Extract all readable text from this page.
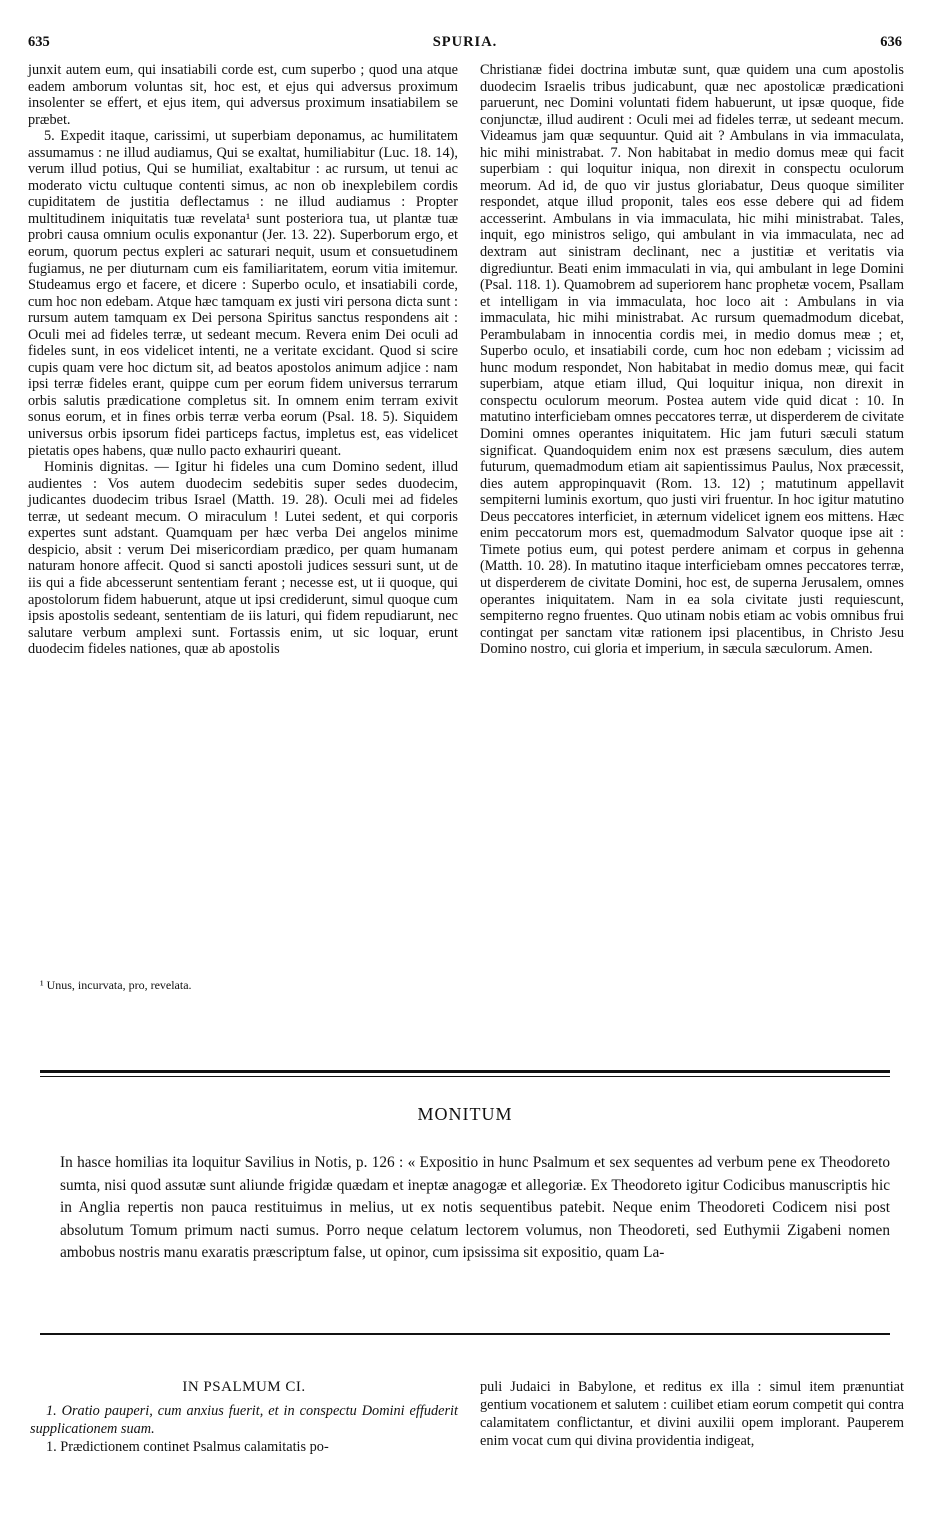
635	SPURIA.	636

junxit autem eum, qui insatiabili corde est, cum superbo ; quod una atque eadem amborum voluntas sit, hoc est, et ejus qui adversus proximum insolenter se effert, et ejus item, qui adversus proximum insatiabilem se præbet.

5. Expedit itaque, carissimi, ut superbiam deponamus, ac humilitatem assumamus : ne illud audiamus, Qui se exaltat, humiliabitur (Luc. 18. 14), verum illud potius, Qui se humiliat, exaltabitur : ac rursum, ut tenui ac moderato victu cultuque contenti simus, ac non ob inexplebilem cordis cupiditatem de justitia deflectamus : ne illud audiamus : Propter multitudinem iniquitatis tuæ revelata¹ sunt posteriora tua, ut plantæ tuæ probri causa omnium oculis exponantur (Jer. 13. 22). Superborum ergo, et eorum, quorum pectus expleri ac saturari nequit, usum et consuetudinem fugiamus, ne per diuturnam cum eis familiaritatem, eorum vitia imitemur. Studeamus ergo et facere, et dicere : Superbo oculo, et insatiabili corde, cum hoc non edebam. Atque hæc tamquam ex justi viri persona dicta sunt : rursum autem tamquam ex Dei persona Spiritus sanctus respondens ait : Oculi mei ad fideles terræ, ut sedeant mecum. Revera enim Dei oculi ad fideles sunt, in eos videlicet intenti, ne a veritate excidant. Quod si scire cupis quam vere hoc dictum sit, ad beatos apostolos animum adjice : nam ipsi terræ fideles erant, quippe cum per eorum fidem universus terrarum orbis salutis prædicatione completus sit. In omnem enim terram exivit sonus eorum, et in fines orbis terræ verba eorum (Psal. 18. 5). Siquidem universus orbis ipsorum fidei particeps factus, impletus est, eas videlicet pietatis opes habens, quæ nullo pacto exhauriri queant.

Hominis dignitas. — Igitur hi fideles una cum Domino sedent, illud audientes : Vos autem duodecim sedebitis super sedes duodecim, judicantes duodecim tribus Israel (Matth. 19. 28). Oculi mei ad fideles terræ, ut sedeant mecum. O miraculum ! Lutei sedent, et qui corporis expertes sunt adstant. Quamquam per hæc verba Dei angelos minime despicio, absit : verum Dei misericordiam prædico, per quam humanam naturam honore affecit. Quod si sancti apostoli judices sessuri sunt, ut de iis qui a fide abcesserunt sententiam ferant ; necesse est, ut ii quoque, qui apostolorum fidem habuerunt, atque ut ipsi crediderunt, simul quoque cum ipsis apostolis sedeant, sententiam de iis laturi, qui fidem repudiarunt, nec salutare verbum amplexi sunt. Fortassis enim, ut sic loquar, erunt duodecim fideles nationes, quæ ab apostolis

¹ Unus, incurvata, pro, revelata.

Christianæ fidei doctrina imbutæ sunt, quæ quidem una cum apostolis duodecim Israelis tribus judicabunt, quæ nec apostolicæ prædicationi paruerunt, nec Domini voluntati fidem habuerunt, ut ipsæ quoque, fide conjunctæ, illud audirent : Oculi mei ad fideles terræ, ut sedeant mecum. Videamus jam quæ sequuntur. Quid ait ? Ambulans in via immaculata, hic mihi ministrabat. 7. Non habitabat in medio domus meæ qui facit superbiam : qui loquitur iniqua, non direxit in conspectu oculorum meorum. Ad id, de quo vir justus gloriabatur, Deus quoque similiter respondet, atque illud proponit, tales eos esse debere qui ad fidem accesserint. Ambulans in via immaculata, hic mihi ministrabat. Tales, inquit, ego ministros seligo, qui ambulant in via immaculata, nec ad dextram aut sinistram declinant, nec a justitiæ et veritatis via digrediuntur. Beati enim immaculati in via, qui ambulant in lege Domini (Psal. 118. 1). Quamobrem ad superiorem hanc prophetæ vocem, Psallam et intelligam in via immaculata, hoc loco ait : Ambulans in via immaculata, hic mihi ministrabat. Ac rursum quemadmodum dicebat, Perambulabam in innocentia cordis mei, in medio domus meæ ; et, Superbo oculo, et insatiabili corde, cum hoc non edebam ; vicissim ad hunc modum respondet, Non habitabat in medio domus meæ, qui facit superbiam, atque etiam illud, Qui loquitur iniqua, non direxit in conspectu oculorum meorum. Postea autem vide quid dicat : 10. In matutino interficiebam omnes peccatores terræ, ut disperderem de civitate Domini omnes operantes iniquitatem. Hic jam futuri sæculi statum significat. Quandoquidem enim nox est præsens sæculum, dies autem futurum, quemadmodum etiam ait sapientissimus Paulus, Nox præcessit, dies autem appropinquavit (Rom. 13. 12) ; matutinum appellavit sempiterni luminis exortum, quo justi viri fruentur. In hoc igitur matutino Deus peccatores interficiet, in æternum videlicet ignem eos mittens. Hæc enim peccatorum mors est, quemadmodum Salvator quoque ipse ait : Timete potius eum, qui potest perdere animam et corpus in gehenna (Matth. 10. 28). In matutino itaque interficiebam omnes peccatores terræ, ut disperderem de civitate Domini, hoc est, de superna Jerusalem, omnes operantes iniquitatem. Nam in ea sola civitate justi requiescunt, sempiterno regno fruentes. Quo utinam nobis etiam ac vobis omnibus frui contingat per sanctam vitæ rationem ipsi placentibus, in Christo Jesu Domino nostro, cui gloria et imperium, in sæcula sæculorum. Amen.

MONITUM
In hasce homilias ita loquitur Savilius in Notis, p. 126 : « Expositio in hunc Psalmum et sex sequentes ad verbum pene ex Theodoreto sumta, nisi quod assutæ sunt aliunde frigidæ quædam et ineptæ anagogæ et allegoriæ. Ex Theodoreto igitur Codicibus manuscriptis hic in Anglia repertis non pauca restituimus in melius, ut ex notis sequentibus patebit. Neque enim Theodoreti Codicem nisi post absolutum Tomum primum nacti sumus. Porro neque celatum lectorem volumus, non Theodoreti, sed Euthymii Zigabeni nomen ambobus nostris manu exaratis præscriptum false, ut opinor, cum ipsissima sit expositio, quam La-

IN PSALMUM CI.

1. Oratio pauperi, cum anxius fuerit, et in conspectu Domini effuderit supplicationem suam.

1. Prædictionem continet Psalmus calamitatis po-

puli Judaici in Babylone, et reditus ex illa : simul item prænuntiat gentium vocationem et salutem : cuilibet etiam eorum competit qui contra calamitatem conflictantur, et divini auxilii opem implorant. Pauperem enim vocat cum qui divina providentia indigeat,
